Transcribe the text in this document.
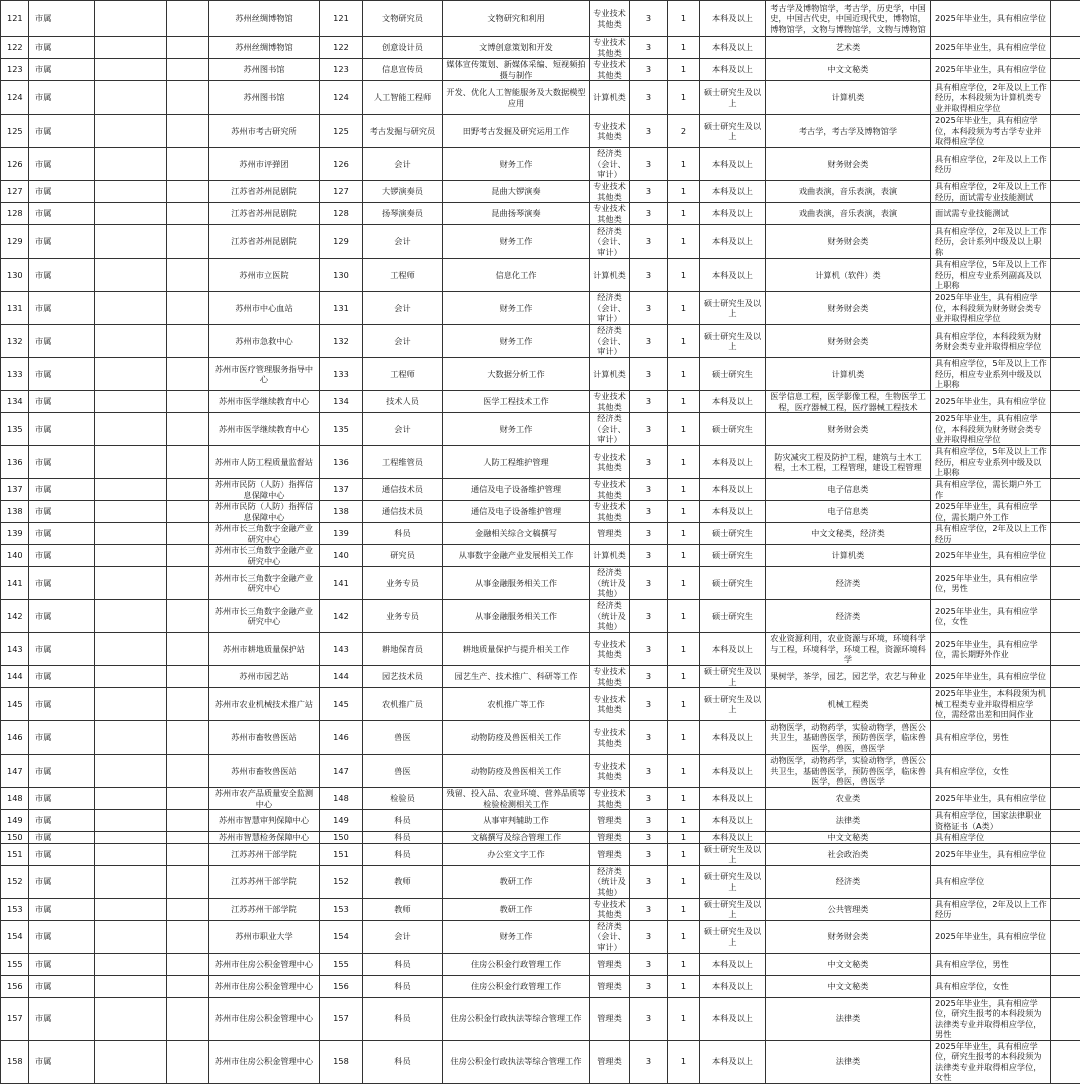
121	市属			苏州丝绸博物馆	121	文物研究员	文物研究和利用	专业技术其他类	3	1	本科及以上	考古学及博物馆学，考古学，历史学，中国史，中国古代史，中国近现代史，博物馆，博物馆学，文物与博物馆学，文物与博物馆	2025年毕业生，具有相应学位	
122	市属			苏州丝绸博物馆	122	创意设计员	文博创意策划和开发	专业技术其他类	3	1	本科及以上	艺术类	2025年毕业生，具有相应学位	
123	市属			苏州图书馆	123	信息宣传员	媒体宣传策划、新媒体采编、短视频拍摄与制作	专业技术其他类	3	1	本科及以上	中文文秘类	2025年毕业生，具有相应学位	
124	市属			苏州图书馆	124	人工智能工程师	开发、优化人工智能服务及大数据模型应用	计算机类	3	1	硕士研究生及以上	计算机类	具有相应学位，2年及以上工作经历，本科段须为计算机类专业并取得相应学位	
125	市属			苏州市考古研究所	125	考古发掘与研究员	田野考古发掘及研究运用工作	专业技术其他类	3	2	硕士研究生及以上	考古学，考古学及博物馆学	2025年毕业生，具有相应学位，本科段须为考古学专业并取得相应学位	
126	市属			苏州市评弹团	126	会计	财务工作	经济类（会计、审计）	3	1	本科及以上	财务财会类	具有相应学位，2年及以上工作经历	
127	市属			江苏省苏州昆剧院	127	大锣演奏员	昆曲大锣演奏	专业技术其他类	3	1	本科及以上	戏曲表演，音乐表演，表演	具有相应学位，2年及以上工作经历，面试需专业技能测试	
128	市属			江苏省苏州昆剧院	128	扬琴演奏员	昆曲扬琴演奏	专业技术其他类	3	1	本科及以上	戏曲表演，音乐表演，表演	面试需专业技能测试	
129	市属			江苏省苏州昆剧院	129	会计	财务工作	经济类（会计、审计）	3	1	本科及以上	财务财会类	具有相应学位，2年及以上工作经历，会计系列中级及以上职称	
130	市属			苏州市立医院	130	工程师	信息化工作	计算机类	3	1	本科及以上	计算机（软件）类	具有相应学位，5年及以上工作经历，相应专业系列副高及以上职称	
131	市属			苏州市中心血站	131	会计	财务工作	经济类（会计、审计）	3	1	硕士研究生及以上	财务财会类	2025年毕业生，具有相应学位，本科段须为财务财会类专业并取得相应学位	
132	市属			苏州市急救中心	132	会计	财务工作	经济类（会计、审计）	3	1	硕士研究生及以上	财务财会类	具有相应学位，本科段须为财务财会类专业并取得相应学位	
133	市属			苏州市医疗管理服务指导中心	133	工程师	大数据分析工作	计算机类	3	1	硕士研究生	计算机类	具有相应学位，5年及以上工作经历，相应专业系列中级及以上职称	
134	市属			苏州市医学继续教育中心	134	技术人员	医学工程技术工作	专业技术其他类	3	1	本科及以上	医学信息工程，医学影像工程，生物医学工程，医疗器械工程，医疗器械工程技术	2025年毕业生，具有相应学位	
135	市属			苏州市医学继续教育中心	135	会计	财务工作	经济类（会计、审计）	3	1	硕士研究生	财务财会类	2025年毕业生，具有相应学位，本科段须为财务财会类专业并取得相应学位	
136	市属			苏州市人防工程质量监督站	136	工程维管员	人防工程维护管理	专业技术其他类	3	1	本科及以上	防灾减灾工程及防护工程，建筑与土木工程，土木工程，工程管理，建设工程管理	具有相应学位，5年及以上工作经历，相应专业系列中级及以上职称	
137	市属			苏州市民防（人防）指挥信息保障中心	137	通信技术员	通信及电子设备维护管理	专业技术其他类	3	1	本科及以上	电子信息类	具有相应学位，需长期户外工作	
138	市属			苏州市民防（人防）指挥信息保障中心	138	通信技术员	通信及电子设备维护管理	专业技术其他类	3	1	本科及以上	电子信息类	2025年毕业生，具有相应学位，需长期户外工作	
139	市属			苏州市长三角数字金融产业研究中心	139	科员	金融相关综合文稿撰写	管理类	3	1	硕士研究生	中文文秘类，经济类	具有相应学位，2年及以上工作经历	
140	市属			苏州市长三角数字金融产业研究中心	140	研究员	从事数字金融产业发展相关工作	计算机类	3	1	硕士研究生	计算机类	2025年毕业生，具有相应学位	
141	市属			苏州市长三角数字金融产业研究中心	141	业务专员	从事金融服务相关工作	经济类（统计及其他）	3	1	硕士研究生	经济类	2025年毕业生，具有相应学位，男性	
142	市属			苏州市长三角数字金融产业研究中心	142	业务专员	从事金融服务相关工作	经济类（统计及其他）	3	1	硕士研究生	经济类	2025年毕业生，具有相应学位，女性	
143	市属			苏州市耕地质量保护站	143	耕地保育员	耕地质量保护与提升相关工作	专业技术其他类	3	1	本科及以上	农业资源利用，农业资源与环境，环境科学与工程，环境科学，环境工程，资源环境科学	2025年毕业生，具有相应学位，需长期野外作业	
144	市属			苏州市园艺站	144	园艺技术员	园艺生产、技术推广、科研等工作	专业技术其他类	3	1	硕士研究生及以上	果树学，茶学，园艺，园艺学，农艺与种业	2025年毕业生，具有相应学位	
145	市属			苏州市农业机械技术推广站	145	农机推广员	农机推广等工作	专业技术其他类	3	1	硕士研究生及以上	机械工程类	2025年毕业生，本科段须为机械工程类专业并取得相应学位，需经常出差和田间作业	
146	市属			苏州市畜牧兽医站	146	兽医	动物防疫及兽医相关工作	专业技术其他类	3	1	本科及以上	动物医学，动物药学，实验动物学，兽医公共卫生，基础兽医学，预防兽医学，临床兽医学，兽医，兽医学	具有相应学位，男性	
147	市属			苏州市畜牧兽医站	147	兽医	动物防疫及兽医相关工作	专业技术其他类	3	1	本科及以上	动物医学，动物药学，实验动物学，兽医公共卫生，基础兽医学，预防兽医学，临床兽医学，兽医，兽医学	具有相应学位，女性	
148	市属			苏州市农产品质量安全监测中心	148	检验员	残留、投入品、农业环境、营养品质等检验检测相关工作	专业技术其他类	3	1	本科及以上	农业类	2025年毕业生，具有相应学位	
149	市属			苏州市智慧审判保障中心	149	科员	从事审判辅助工作	管理类	3	1	本科及以上	法律类	具有相应学位，国家法律职业资格证书（A类）	
150	市属			苏州市智慧检务保障中心	150	科员	文稿撰写及综合管理工作	管理类	3	1	本科及以上	中文文秘类	具有相应学位	
151	市属			江苏苏州干部学院	151	科员	办公室文字工作	管理类	3	1	硕士研究生及以上	社会政治类	2025年毕业生，具有相应学位	
152	市属			江苏苏州干部学院	152	教师	教研工作	经济类（统计及其他）	3	1	硕士研究生及以上	经济类	具有相应学位	
153	市属			江苏苏州干部学院	153	教师	教研工作	专业技术其他类	3	1	硕士研究生及以上	公共管理类	具有相应学位，2年及以上工作经历	
154	市属			苏州市职业大学	154	会计	财务工作	经济类（会计、审计）	3	1	硕士研究生及以上	财务财会类	2025年毕业生，具有相应学位	
155	市属			苏州市住房公积金管理中心	155	科员	住房公积金行政管理工作	管理类	3	1	本科及以上	中文文秘类	具有相应学位，男性	
156	市属			苏州市住房公积金管理中心	156	科员	住房公积金行政管理工作	管理类	3	1	本科及以上	中文文秘类	具有相应学位，女性	
157	市属			苏州市住房公积金管理中心	157	科员	住房公积金行政执法等综合管理工作	管理类	3	1	本科及以上	法律类	2025年毕业生，具有相应学位，研究生报考的本科段须为法律类专业并取得相应学位，男性	
158	市属			苏州市住房公积金管理中心	158	科员	住房公积金行政执法等综合管理工作	管理类	3	1	本科及以上	法律类	2025年毕业生，具有相应学位，研究生报考的本科段须为法律类专业并取得相应学位，女性	
